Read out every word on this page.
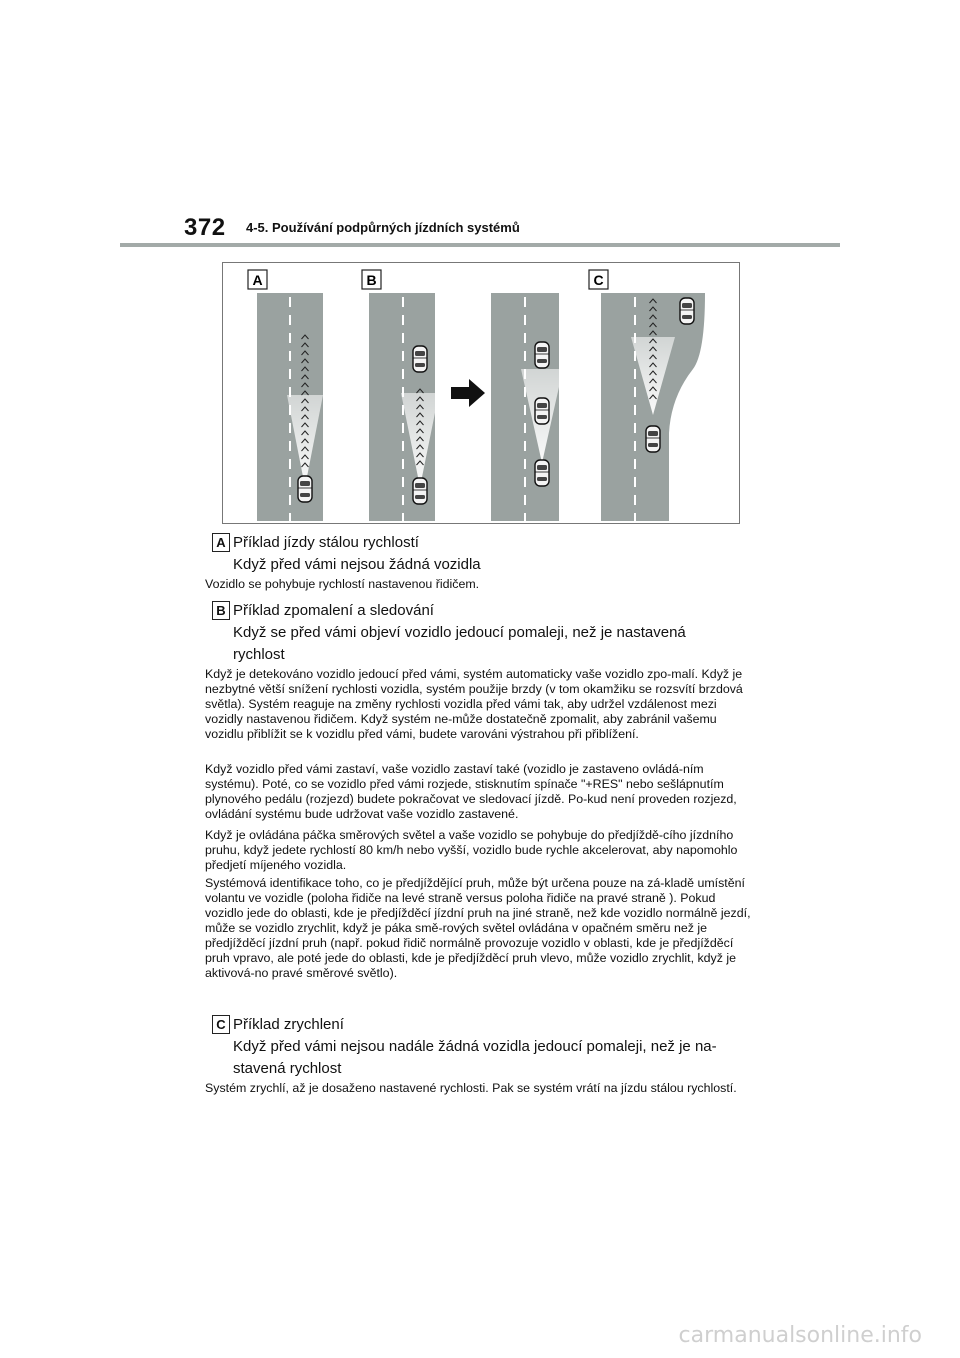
372 4-5. Používání podpůrných jízdních systémů
A	B	C
A Příklad jízdy stálou rychlostí
Když před vámi nejsou žádná vozidla

Vozidlo se pohybuje rychlostí nastavenou řidičem.

B Příklad zpomalení a sledování
Když se před vámi objeví vozidlo jedoucí pomaleji, než je nastavená
rychlost

Když je detekováno vozidlo jedoucí před vámi, systém automaticky vaše vozidlo zpo-malí. Když je nezbytné větší snížení rychlosti vozidla, systém použije brzdy (v tom okamžiku se rozsvítí brzdová světla). Systém reaguje na změny rychlosti vozidla před vámi tak, aby udržel vzdálenost mezi vozidly nastavenou řidičem. Když systém ne-může dostatečně zpomalit, aby zabránil vašemu vozidlu přiblížit se k vozidlu před vámi, budete varováni výstrahou při přiblížení.

Když vozidlo před vámi zastaví, vaše vozidlo zastaví také (vozidlo je zastaveno ovládá-ním systému). Poté, co se vozidlo před vámi rozjede, stisknutím spínače "+RES" nebo sešlápnutím plynového pedálu (rozjezd) budete pokračovat ve sledovací jízdě. Po-kud není proveden rozjezd, ovládání systému bude udržovat vaše vozidlo zastavené.

Když je ovládána páčka směrových světel a vaše vozidlo se pohybuje do předjíždě-cího jízdního pruhu, když jedete rychlostí 80 km/h nebo vyšší, vozidlo bude rychle akcelerovat, aby napomohlo předjetí míjeného vozidla.

Systémová identifikace toho, co je předjíždějící pruh, může být určena pouze na zá-kladě umístění volantu ve vozidle (poloha řidiče na levé straně versus poloha řidiče na pravé straně ). Pokud vozidlo jede do oblasti, kde je předjížděcí jízdní pruh na jiné straně, než kde vozidlo normálně jezdí, může se vozidlo zrychlit, když je páka smě-rových světel ovládána v opačném směru než je předjížděcí jízdní pruh (např. pokud řidič normálně provozuje vozidlo v oblasti, kde je předjížděcí pruh vpravo, ale poté jede do oblasti, kde je předjížděcí pruh vlevo, může vozidlo zrychlit, když je aktivová-no pravé směrové světlo).

C Příklad zrychlení
Když před vámi nejsou nadále žádná vozidla jedoucí pomaleji, než je na-
stavená rychlost

Systém zrychlí, až je dosaženo nastavené rychlosti. Pak se systém vrátí na jízdu stálou rychlostí.

carmanualsonline.info
